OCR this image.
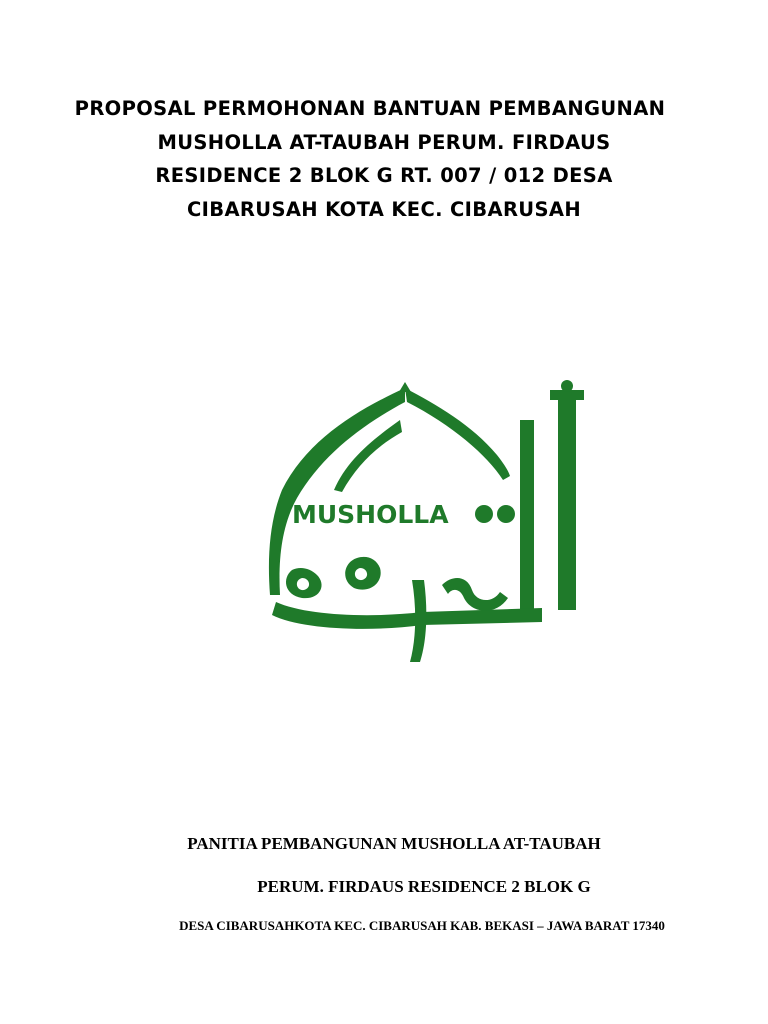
PROPOSAL PERMOHONAN BANTUAN PEMBANGUNAN
MUSHOLLA AT-TAUBAH PERUM. FIRDAUS
RESIDENCE 2 BLOK G RT. 007 / 012 DESA
CIBARUSAH KOTA KEC. CIBARUSAH
MUSHOLLA
PANITIA PEMBANGUNAN MUSHOLLA AT-TAUBAH
PERUM. FIRDAUS RESIDENCE 2 BLOK G
DESA CIBARUSAHKOTA KEC. CIBARUSAH KAB. BEKASI – JAWA BARAT 17340
